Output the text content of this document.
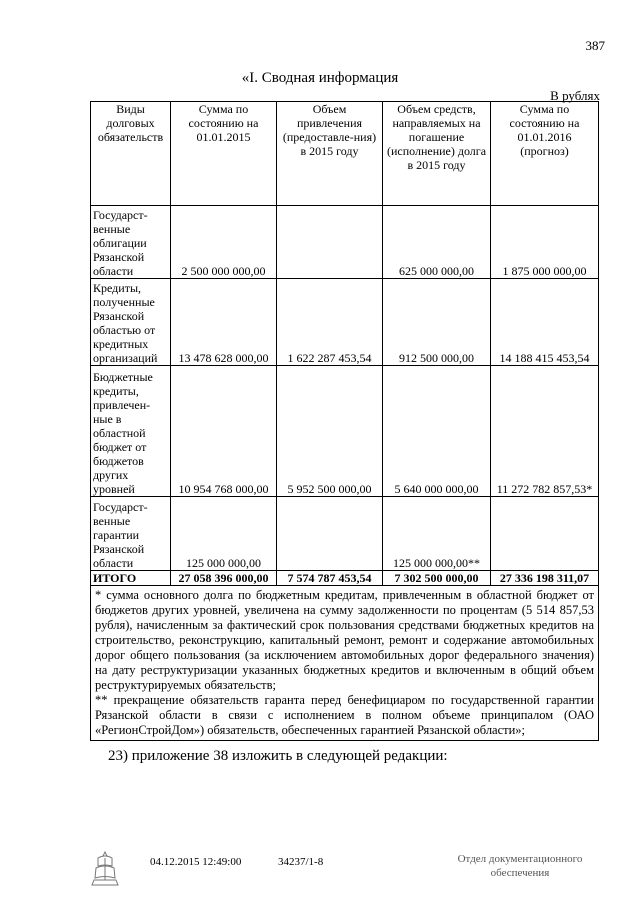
387
«I. Сводная информация
В рублях
Виды долговых обязательств	Сумма по состоянию на 01.01.2015	Объем привлечения (предоставле-ния) в 2015 году	Объем средств, направляемых на погашение (исполнение) долга в 2015 году	Сумма по состоянию на 01.01.2016 (прогноз)
Государст-венные облигации Рязанской области	2 500 000 000,00		625 000 000,00	1 875 000 000,00
Кредиты, полученные Рязанской областью от кредитных организаций	13 478 628 000,00	1 622 287 453,54	912 500 000,00	14 188 415 453,54
Бюджетные кредиты, привлечен-ные в областной бюджет от бюджетов других уровней	10 954 768 000,00	5 952 500 000,00	5 640 000 000,00	11 272 782 857,53*
Государст-венные гарантии Рязанской области	125 000 000,00		125 000 000,00**	
ИТОГО	27 058 396 000,00	7 574 787 453,54	7 302 500 000,00	27 336 198 311,07

* сумма основного долга по бюджетным кредитам, привлеченным в областной бюджет от бюджетов других уровней, увеличена на сумму задолженности по процентам (5 514 857,53 рубля), начисленным за фактический срок пользования средствами бюджетных кредитов на строительство, реконструкцию, капитальный ремонт, ремонт и содержание автомобильных дорог общего пользования (за исключением автомобильных дорог федерального значения) на дату реструктуризации указанных бюджетных кредитов и включенным в общий объем реструктурируемых обязательств;
** прекращение обязательств гаранта перед бенефициаром по государственной гарантии Рязанской области в связи с исполнением в полном объеме принципалом (ОАО «РегионСтройДом») обязательств, обеспеченных гарантией Рязанской области»;				
23) приложение 38 изложить в следующей редакции:
04.12.2015 12:49:00	34237/1-8	Отдел документационного обеспечения
